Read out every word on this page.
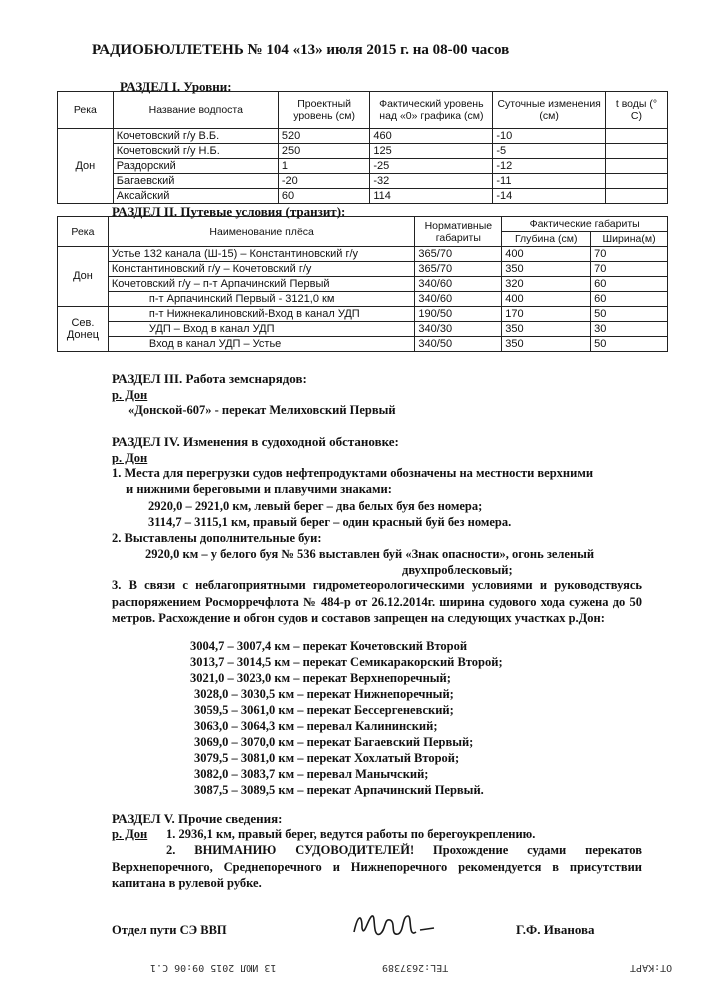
РАДИОБЮЛЛЕТЕНЬ № 104 «13» июля 2015 г. на 08-00 часов
РАЗДЕЛ I. Уровни:
Река	Название водпоста	Проектный уровень (см)	Фактический уровень над «0» графика (см)	Суточные изменения (см)	t воды (° С)
Дон	Кочетовский г/у В.Б.	520	460	-10	
	Кочетовский г/у Н.Б.	250	125	-5	
	Раздорский	1	-25	-12	
	Багаевский	-20	-32	-11	
	Аксайский	60	114	-14	
РАЗДЕЛ II. Путевые условия (транзит):
Река	Наименование плёса	Нормативные габариты	Фактические габариты	
			Глубина (см)	Ширина(м)
Дон	Устье 132 канала (Ш-15) – Константиновский г/у	365/70	400	70
	Константиновский г/у – Кочетовский г/у	365/70	350	70
	Кочетовский г/у – п-т Арпачинский Первый	340/60	320	60
	п-т Арпачинский Первый - 3121,0 км	340/60	400	60
Сев. Донец	п-т Нижнекалиновский-Вход в канал УДП	190/50	170	50
	УДП – Вход в канал УДП	340/30	350	30
	Вход в канал УДП – Устье	340/50	350	50
РАЗДЕЛ III. Работа земснарядов:
р. Дон
«Донской-607» - перекат Мелиховский Первый
РАЗДЕЛ IV. Изменения в судоходной обстановке:
р. Дон
1. Места для перегрузки судов нефтепродуктами обозначены на местности верхними
и нижними береговыми и плавучими знаками:
2920,0 – 2921,0 км, левый берег – два белых буя без номера;
3114,7 – 3115,1 км, правый берег – один красный буй без номера.
2. Выставлены дополнительные буи:
2920,0 км – у белого буя № 536 выставлен буй «Знак опасности», огонь зеленый
двухпроблесковый;
3. В связи с неблагоприятными гидрометеорологическими условиями и руководствуясь распоряжением Росморречфлота № 484-р от 26.12.2014г. ширина судового хода сужена до 50 метров. Расхождение и обгон судов и составов запрещен на следующих участках р.Дон:
3004,7 – 3007,4 км – перекат Кочетовский Второй
3013,7 – 3014,5 км – перекат Семикаракорский Второй;
3021,0 – 3023,0 км – перекат Верхнепоречный;
3028,0 – 3030,5 км – перекат Нижнепоречный;
3059,5 – 3061,0 км – перекат Бессергеневский;
3063,0 – 3064,3 км – перевал Калининский;
3069,0 – 3070,0 км – перекат Багаевский Первый;
3079,5 – 3081,0 км – перекат Хохлатый Второй;
3082,0 – 3083,7 км – перевал Манычский;
3087,5 – 3089,5 км – перекат Арпачинский Первый.
РАЗДЕЛ V. Прочие сведения:
р. Дон 1. 2936,1 км, правый берег, ведутся работы по берегоукреплению.
2. ВНИМАНИЮ СУДОВОДИТЕЛЕЙ! Прохождение судами перекатов Верхнепоречного, Среднепоречного и Нижнепоречного рекомендуется в присутствии капитана в рулевой рубке.
Отдел пути СЭ ВВП	Г.Ф. Иванова
13 ИЮЛ 2015 09:06 С.1	TEL:2637389	OT:KAPT
